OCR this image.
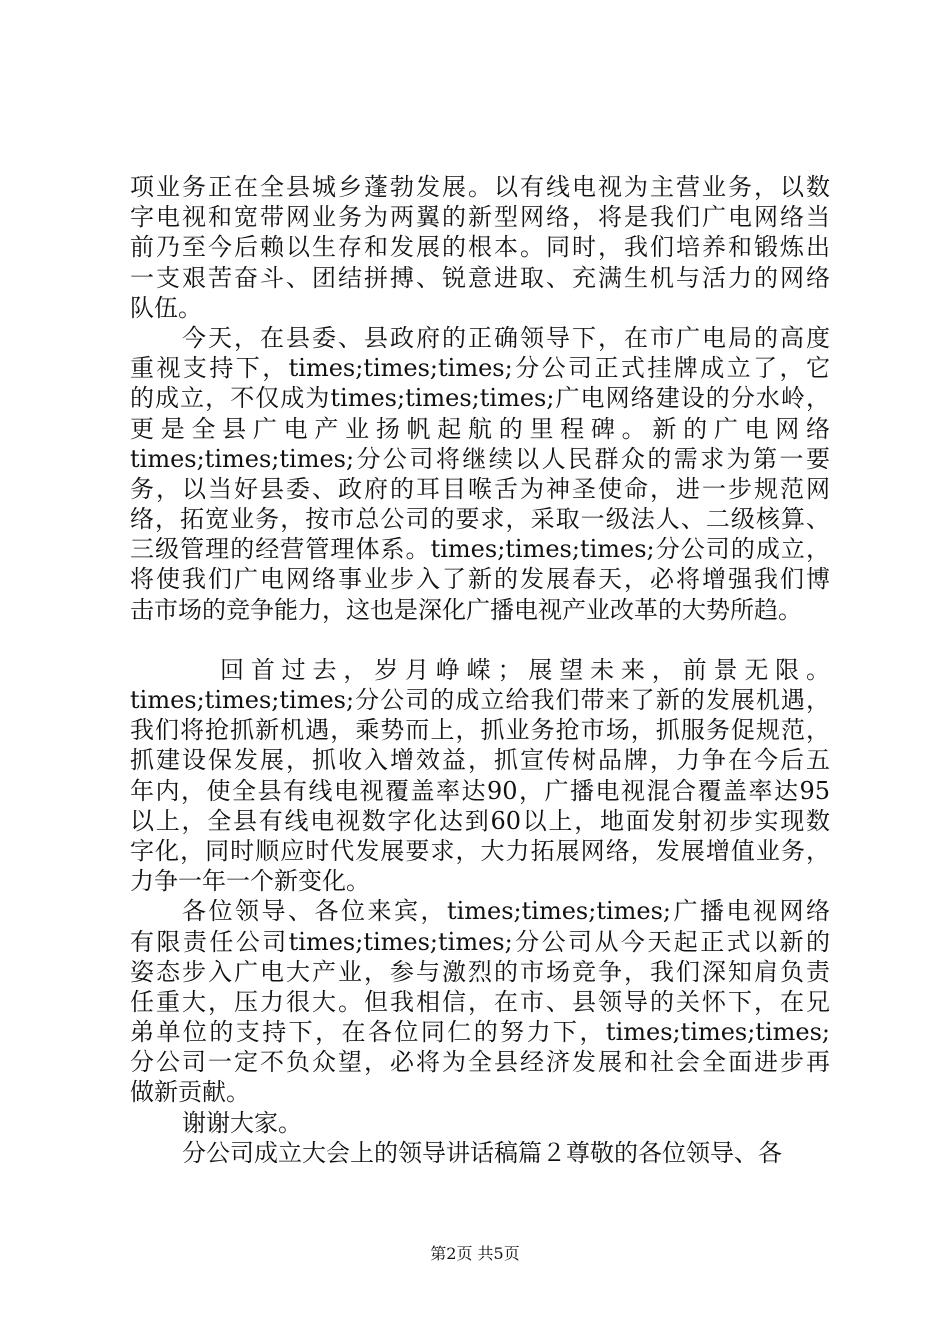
项业务正在全县城乡蓬勃发展。以有线电视为主营业务，以数
字电视和宽带网业务为两翼的新型网络，将是我们广电网络当
前乃至今后赖以生存和发展的根本。同时，我们培养和锻炼出
一支艰苦奋斗、团结拼搏、锐意进取、充满生机与活力的网络
队伍。
今天，在县委、县政府的正确领导下，在市广电局的高度
重视支持下，times;times;times;分公司正式挂牌成立了，它
的成立，不仅成为times;times;times;广电网络建设的分水岭，
更是全县广电产业扬帆起航的里程碑。新的广电网络
times;times;times;分公司将继续以人民群众的需求为第一要
务，以当好县委、政府的耳目喉舌为神圣使命，进一步规范网
络，拓宽业务，按市总公司的要求，采取一级法人、二级核算、
三级管理的经营管理体系。times;times;times;分公司的成立，
将使我们广电网络事业步入了新的发展春天，必将增强我们博
击市场的竞争能力，这也是深化广播电视产业改革的大势所趋。
回首过去，岁月峥嵘；展望未来，前景无限。
times;times;times;分公司的成立给我们带来了新的发展机遇，
我们将抢抓新机遇，乘势而上，抓业务抢市场，抓服务促规范，
抓建设保发展，抓收入增效益，抓宣传树品牌，力争在今后五
年内，使全县有线电视覆盖率达90，广播电视混合覆盖率达95
以上，全县有线电视数字化达到60以上，地面发射初步实现数
字化，同时顺应时代发展要求，大力拓展网络，发展增值业务，
力争一年一个新变化。
各位领导、各位来宾，times;times;times;广播电视网络
有限责任公司times;times;times;分公司从今天起正式以新的
姿态步入广电大产业，参与激烈的市场竞争，我们深知肩负责
任重大，压力很大。但我相信，在市、县领导的关怀下，在兄
弟单位的支持下，在各位同仁的努力下，times;times;times;
分公司一定不负众望，必将为全县经济发展和社会全面进步再
做新贡献。
谢谢大家。
分公司成立大会上的领导讲话稿篇２尊敬的各位领导、各
第2页 共5页
